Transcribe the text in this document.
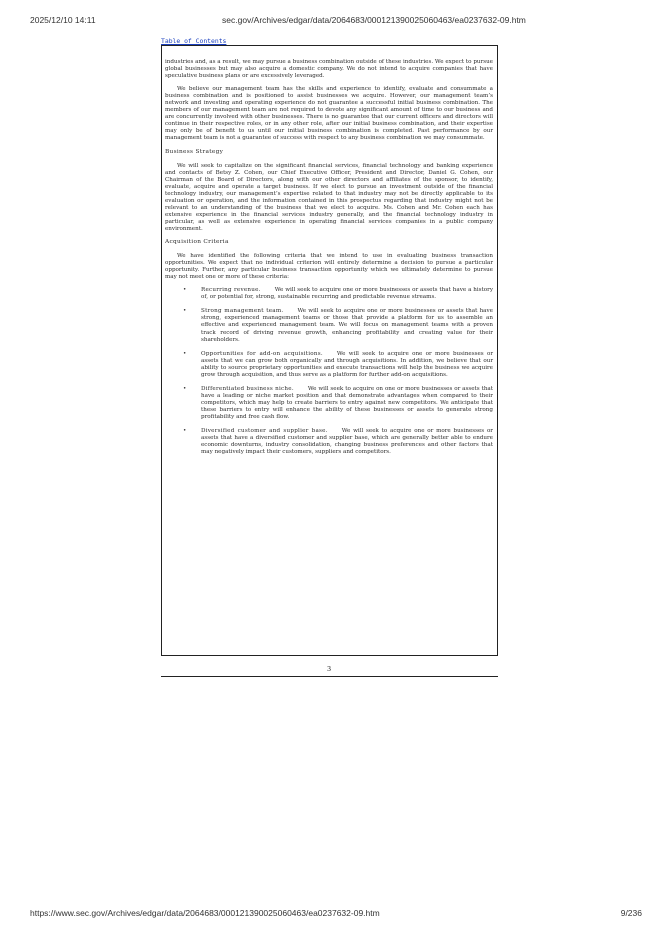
2025/12/10 14:11	sec.gov/Archives/edgar/data/2064683/000121390025060463/ea0237632-09.htm
Table of Contents

industries and, as a result, we may pursue a business combination outside of these industries. We expect to pursue global businesses but may also acquire a domestic company. We do not intend to acquire companies that have speculative business plans or are excessively leveraged.

We believe our management team has the skills and experience to identify, evaluate and consummate a business combination and is positioned to assist businesses we acquire. However, our management team’s network and investing and operating experience do not guarantee a successful initial business combination. The members of our management team are not required to devote any significant amount of time to our business and are concurrently involved with other businesses. There is no guarantee that our current officers and directors will continue in their respective roles, or in any other role, after our initial business combination, and their expertise may only be of benefit to us until our initial business combination is completed. Past performance by our management team is not a guarantee of success with respect to any business combination we may consummate.

Business Strategy

We will seek to capitalize on the significant financial services, financial technology and banking experience and contacts of Betsy Z. Cohen, our Chief Executive Officer, President and Director, Daniel G. Cohen, our Chairman of the Board of Directors, along with our other directors and affiliates of the sponsor, to identify, evaluate, acquire and operate a target business. If we elect to pursue an investment outside of the financial technology industry, our management’s expertise related to that industry may not be directly applicable to its evaluation or operation, and the information contained in this prospectus regarding that industry might not be relevant to an understanding of the business that we elect to acquire. Ms. Cohen and Mr. Cohen each has extensive experience in the financial services industry generally, and the financial technology industry in particular, as well as extensive experience in operating financial services companies in a public company environment.

Acquisition Criteria

We have identified the following criteria that we intend to use in evaluating business transaction opportunities. We expect that no individual criterion will entirely determine a decision to pursue a particular opportunity. Further, any particular business transaction opportunity which we ultimately determine to pursue may not meet one or more of these criteria:

•	Recurring revenue.	We will seek to acquire one or more businesses or assets that have a history of, or potential for, strong, sustainable recurring and predictable revenue streams.
•	Strong management team.	We will seek to acquire one or more businesses or assets that have strong, experienced management teams or those that provide a platform for us to assemble an effective and experienced management team. We will focus on management teams with a proven track record of driving revenue growth, enhancing profitability and creating value for their shareholders.
•	Opportunities for add-on acquisitions.	We will seek to acquire one or more businesses or assets that we can grow both organically and through acquisitions. In addition, we believe that our ability to source proprietary opportunities and execute transactions will help the business we acquire grow through acquisition, and thus serve as a platform for further add-on acquisitions.
•	Differentiated business niche.	We will seek to acquire on one or more businesses or assets that have a leading or niche market position and that demonstrate advantages when compared to their competitors, which may help to create barriers to entry against new competitors. We anticipate that these barriers to entry will enhance the ability of these businesses or assets to generate strong profitability and free cash flow.
•	Diversified customer and supplier base.	We will seek to acquire one or more businesses or assets that have a diversified customer and supplier base, which are generally better able to endure economic downturns, industry consolidation, changing business preferences and other factors that may negatively impact their customers, suppliers and competitors.
3
https://www.sec.gov/Archives/edgar/data/2064683/000121390025060463/ea0237632-09.htm	9/236
